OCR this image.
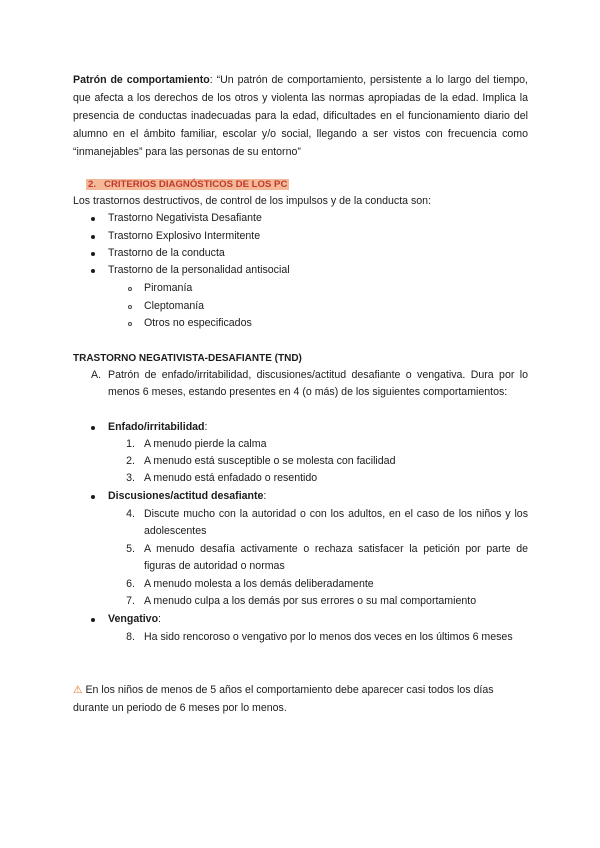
Patrón de comportamiento: “Un patrón de comportamiento, persistente a lo largo del tiempo, que afecta a los derechos de los otros y violenta las normas apropiadas de la edad. Implica la presencia de conductas inadecuadas para la edad, dificultades en el funcionamiento diario del alumno en el ámbito familiar, escolar y/o social, llegando a ser vistos con frecuencia como “inmanejables” para las personas de su entorno”
2. CRITERIOS DIAGNÓSTICOS DE LOS PC
Los trastornos destructivos, de control de los impulsos y de la conducta son:
Trastorno Negativista Desafiante
Trastorno Explosivo Intermitente
Trastorno de la conducta
Trastorno de la personalidad antisocial
Piromanía
Cleptomanía
Otros no especificados
TRASTORNO NEGATIVISTA-DESAFIANTE (TND)
A. Patrón de enfado/irritabilidad, discusiones/actitud desafiante o vengativa. Dura por lo menos 6 meses, estando presentes en 4 (o más) de los siguientes comportamientos:
Enfado/irritabilidad:
1. A menudo pierde la calma
2. A menudo está susceptible o se molesta con facilidad
3. A menudo está enfadado o resentido
Discusiones/actitud desafiante:
4. Discute mucho con la autoridad o con los adultos, en el caso de los niños y los adolescentes
5. A menudo desafía activamente o rechaza satisfacer la petición por parte de figuras de autoridad o normas
6. A menudo molesta a los demás deliberadamente
7. A menudo culpa a los demás por sus errores o su mal comportamiento
Vengativo:
8. Ha sido rencoroso o vengativo por lo menos dos veces en los últimos 6 meses
⚠ En los niños de menos de 5 años el comportamiento debe aparecer casi todos los días durante un periodo de 6 meses por lo menos.
